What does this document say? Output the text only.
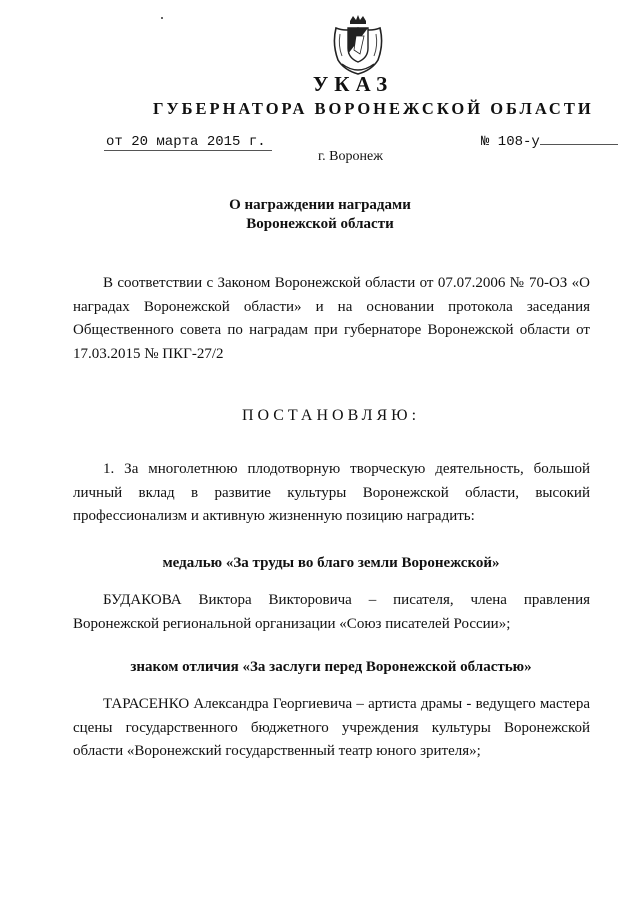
УКАЗ
ГУБЕРНАТОРА ВОРОНЕЖСКОЙ ОБЛАСТИ
от 20 марта 2015 г.	№ 108-у
г. Воронеж
О награждении наградами
Воронежской области
В соответствии с Законом Воронежской области от 07.07.2006 № 70-ОЗ «О наградах Воронежской области» и на основании протокола заседания Общественного совета по наградам при губернаторе Воронежской области от 17.03.2015 № ПКГ-27/2
ПОСТАНОВЛЯЮ:
1. За многолетнюю плодотворную творческую деятельность, большой личный вклад в развитие культуры Воронежской области, высокий профессионализм и активную жизненную позицию наградить:
медалью «За труды во благо земли Воронежской»
БУДАКОВА Виктора Викторовича – писателя, члена правления Воронежской региональной организации «Союз писателей России»;
знаком отличия «За заслуги перед Воронежской областью»
ТАРАСЕНКО Александра Георгиевича – артиста драмы - ведущего мастера сцены государственного бюджетного учреждения культуры Воронежской области «Воронежский государственный театр юного зрителя»;
